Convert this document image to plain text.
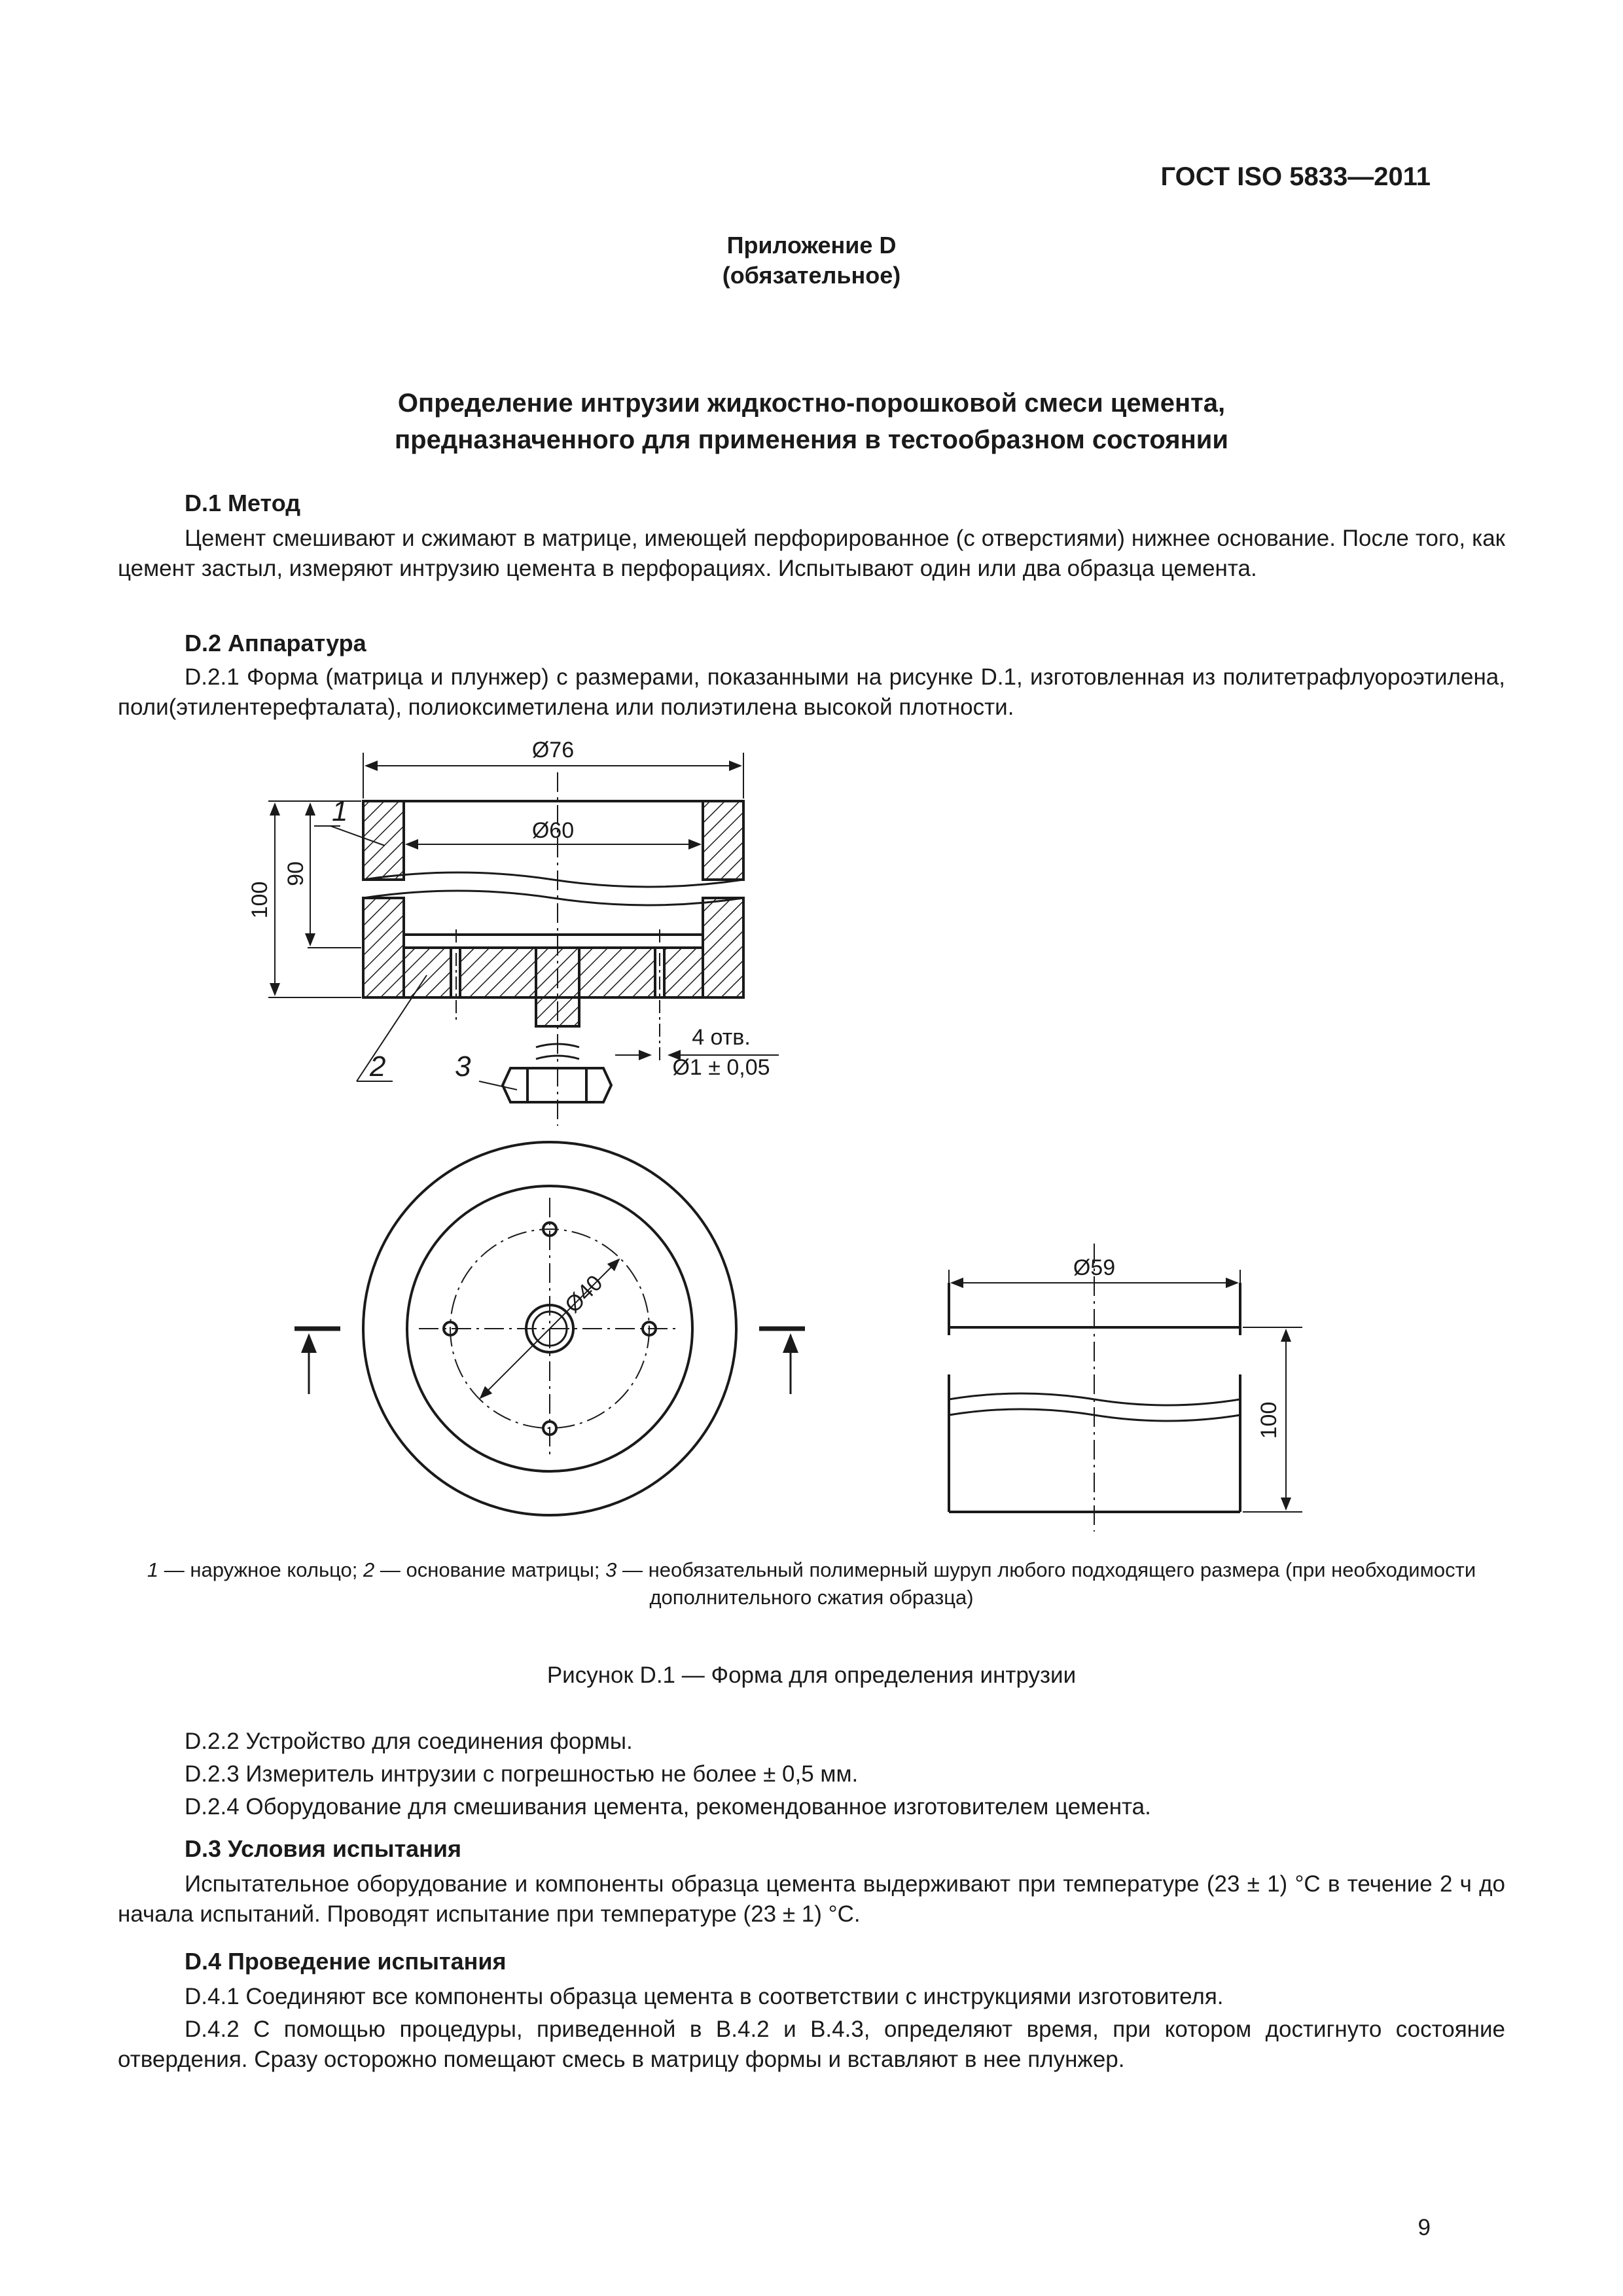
ГОСТ ISO 5833—2011
Приложение D
(обязательное)
Определение интрузии жидкостно-порошковой смеси цемента,
предназначенного для применения в тестообразном состоянии
D.1 Метод
Цемент смешивают и сжимают в матрице, имеющей перфорированное (с отверстиями) нижнее основание. После того, как цемент застыл, измеряют интрузию цемента в перфорациях. Испытывают один или два образца цемента.
D.2 Аппаратура
D.2.1 Форма (матрица и плунжер) с размерами, показанными на рисунке D.1, изготовленная из политетрафлуороэтилена, поли(этилентерефталата), полиоксиметилена или полиэтилена высокой плотности.
Ø76
Ø60
100
90
4 отв.
Ø1 ± 0,05
1
2 3
Ø40
Ø59
100
1 — наружное кольцо; 2 — основание матрицы; 3 — необязательный полимерный шуруп любого подходящего размера (при необходимости дополнительного сжатия образца)
Рисунок D.1 — Форма для определения интрузии
D.2.2 Устройство для соединения формы.
D.2.3 Измеритель интрузии с погрешностью не более ± 0,5 мм.
D.2.4 Оборудование для смешивания цемента, рекомендованное изготовителем цемента.
D.3 Условия испытания
Испытательное оборудование и компоненты образца цемента выдерживают при температуре (23 ± 1) °С в течение 2 ч до начала испытаний. Проводят испытание при температуре (23 ± 1) °С.
D.4 Проведение испытания
D.4.1 Соединяют все компоненты образца цемента в соответствии с инструкциями изготовителя.
D.4.2 С помощью процедуры, приведенной в В.4.2 и В.4.3, определяют время, при котором достигнуто состояние отвердения. Сразу осторожно помещают смесь в матрицу формы и вставляют в нее плунжер.
9
